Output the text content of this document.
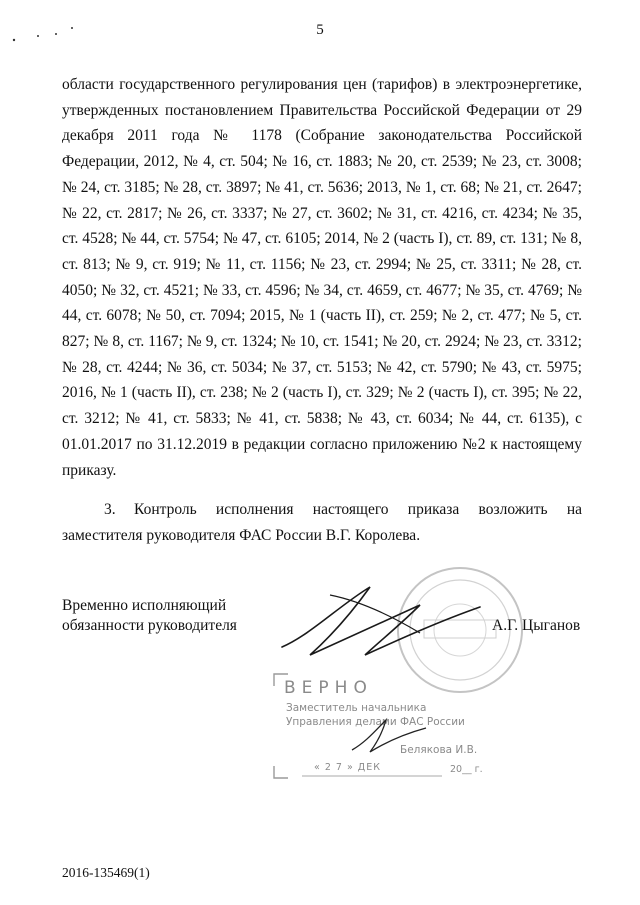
5

области государственного регулирования цен (тарифов) в электроэнергетике, утвержденных постановлением Правительства Российской Федерации от 29 декабря 2011 года № 1178 (Собрание законодательства Российской Федерации, 2012, № 4, ст. 504; № 16, ст. 1883; № 20, ст. 2539; № 23, ст. 3008; № 24, ст. 3185; № 28, ст. 3897; № 41, ст. 5636; 2013, № 1, ст. 68; № 21, ст. 2647; № 22, ст. 2817; № 26, ст. 3337; № 27, ст. 3602; № 31, ст. 4216, ст. 4234; № 35, ст. 4528; № 44, ст. 5754; № 47, ст. 6105; 2014, № 2 (часть I), ст. 89, ст. 131; № 8, ст. 813; № 9, ст. 919; № 11, ст. 1156; № 23, ст. 2994; № 25, ст. 3311; № 28, ст. 4050; № 32, ст. 4521; № 33, ст. 4596; № 34, ст. 4659, ст. 4677; № 35, ст. 4769; № 44, ст. 6078; № 50, ст. 7094; 2015, № 1 (часть II), ст. 259; № 2, ст. 477; № 5, ст. 827; № 8, ст. 1167; № 9, ст. 1324; № 10, ст. 1541; № 20, ст. 2924; № 23, ст. 3312; № 28, ст. 4244; № 36, ст. 5034; № 37, ст. 5153; № 42, ст. 5790; № 43, ст. 5975; 2016, № 1 (часть II), ст. 238; № 2 (часть I), ст. 329; № 2 (часть I), ст. 395; № 22, ст. 3212; № 41, ст. 5833; № 41, ст. 5838; № 43, ст. 6034; № 44, ст. 6135), с 01.01.2017 по 31.12.2019 в редакции согласно приложению №2 к настоящему приказу.

3. Контроль исполнения настоящего приказа возложить на заместителя руководителя ФАС России В.Г. Королева.

Временно исполняющий
обязанности руководителя	А.Г. Цыганов
ВЕРНО
Заместитель начальника
Управления делами ФАС России
Белякова И.В.
« 2 7 » ДЕК	20__ г.
2016-135469(1)
